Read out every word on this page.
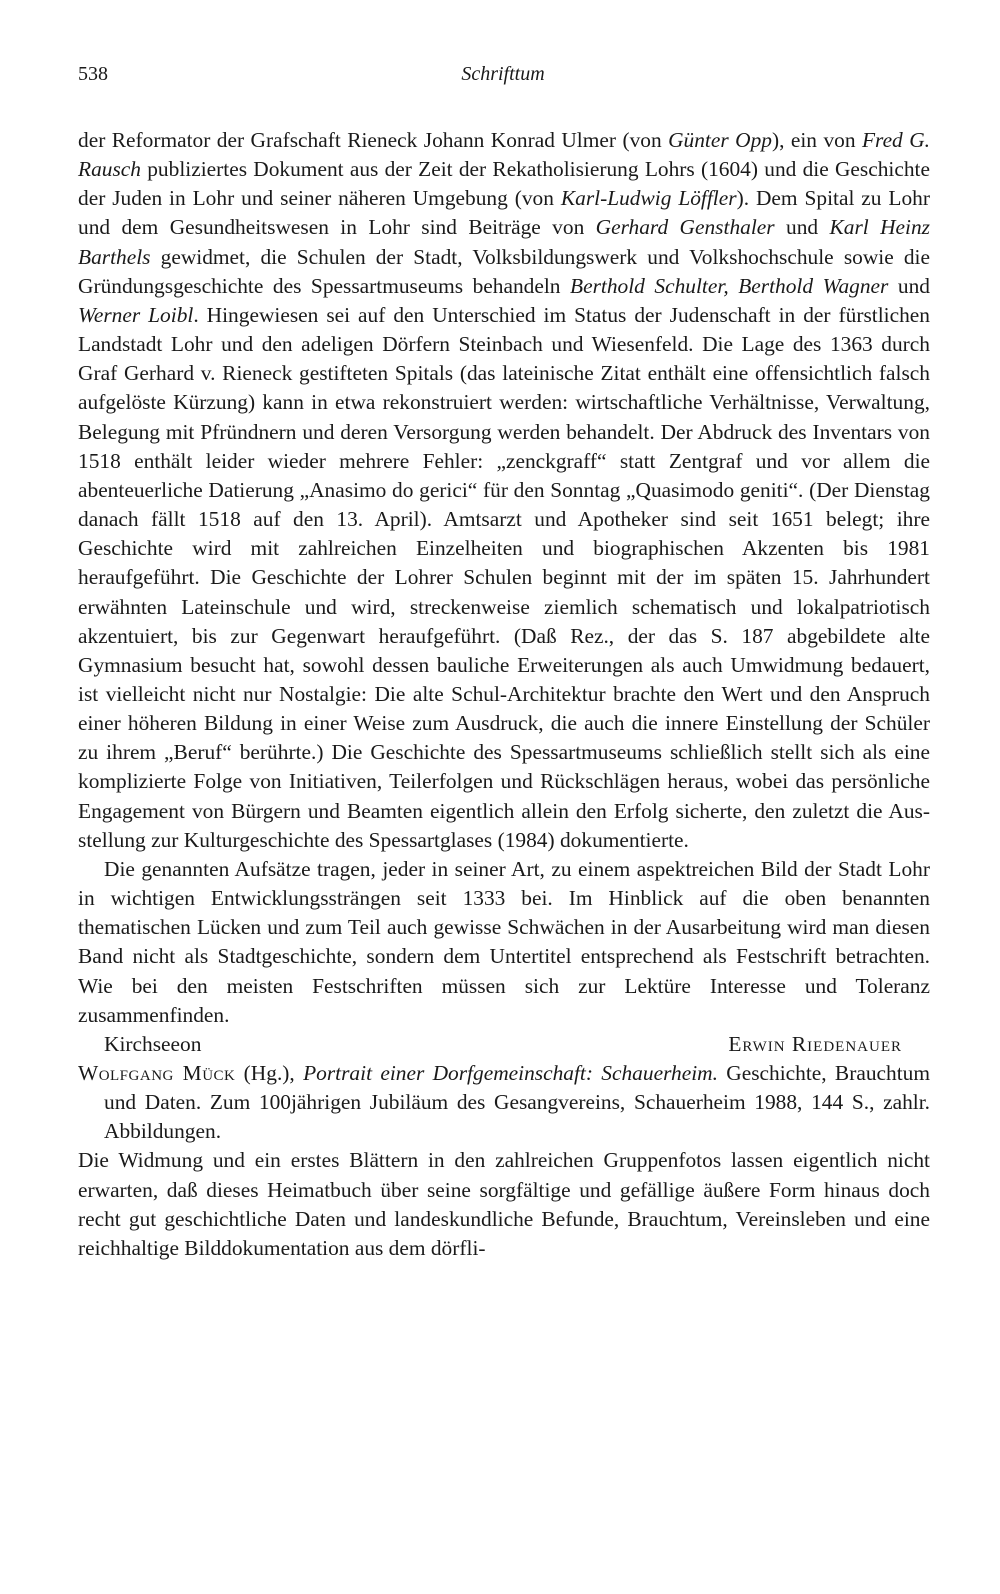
538	Schrifttum

der Reformator der Grafschaft Rieneck Johann Konrad Ulmer (von Günter Opp), ein von Fred G. Rausch publiziertes Dokument aus der Zeit der Rekatholisierung Lohrs (1604) und die Geschichte der Juden in Lohr und seiner näheren Umgebung (von Karl-Ludwig Löffler). Dem Spital zu Lohr und dem Gesundheitswesen in Lohr sind Beiträge von Gerhard Gensthaler und Karl Heinz Barthels gewidmet, die Schulen der Stadt, Volksbildungswerk und Volkshochschule sowie die Gründungsgeschichte des Spessartmuseums behandeln Berthold Schulter, Berthold Wagner und Werner Loibl. Hingewiesen sei auf den Unterschied im Status der Judenschaft in der fürstlichen Landstadt Lohr und den adeligen Dörfern Steinbach und Wiesenfeld. Die Lage des 1363 durch Graf Gerhard v. Rieneck gestifteten Spitals (das lateinische Zitat enthält eine offensichtlich falsch aufgelöste Kürzung) kann in etwa rekonstruiert werden: wirtschaftliche Verhältnisse, Verwaltung, Belegung mit Pfründnern und deren Versorgung werden behandelt. Der Abdruck des Inventars von 1518 enthält leider wieder mehrere Fehler: „zenckgraff“ statt Zentgraf und vor allem die abenteuerliche Datierung „Anasimo do gerici“ für den Sonntag „Quasimodo geniti“. (Der Dienstag danach fällt 1518 auf den 13. April). Amtsarzt und Apotheker sind seit 1651 belegt; ihre Geschichte wird mit zahlreichen Einzelheiten und biographischen Akzenten bis 1981 heraufgeführt. Die Geschichte der Lohrer Schulen beginnt mit der im späten 15. Jahrhundert erwähnten Lateinschule und wird, streckenweise ziemlich schematisch und lokalpatriotisch akzentuiert, bis zur Gegenwart heraufgeführt. (Daß Rez., der das S. 187 abgebildete alte Gymnasium besucht hat, sowohl dessen bauliche Erweiterungen als auch Umwidmung bedauert, ist vielleicht nicht nur Nostalgie: Die alte Schul-Architektur brachte den Wert und den Anspruch einer höheren Bildung in einer Weise zum Ausdruck, die auch die innere Einstellung der Schüler zu ihrem „Beruf“ berührte.) Die Geschichte des Spessartmuseums schließlich stellt sich als eine komplizierte Folge von Initiativen, Teilerfolgen und Rückschlägen heraus, wobei das persönliche Engagement von Bürgern und Beamten eigentlich allein den Erfolg sicherte, den zuletzt die Ausstellung zur Kulturgeschichte des Spessartglases (1984) dokumentierte.

Die genannten Aufsätze tragen, jeder in seiner Art, zu einem aspektreichen Bild der Stadt Lohr in wichtigen Entwicklungssträngen seit 1333 bei. Im Hinblick auf die oben benannten thematischen Lücken und zum Teil auch gewisse Schwächen in der Ausarbeitung wird man diesen Band nicht als Stadtgeschichte, sondern dem Untertitel entsprechend als Festschrift betrachten. Wie bei den meisten Festschriften müssen sich zur Lektüre Interesse und Toleranz zusammenfinden.

Kirchseeon	Erwin Riedenauer

Wolfgang Mück (Hg.), Portrait einer Dorfgemeinschaft: Schauerheim. Geschichte, Brauchtum und Daten. Zum 100jährigen Jubiläum des Gesangvereins, Schauerheim 1988, 144 S., zahlr. Abbildungen.

Die Widmung und ein erstes Blättern in den zahlreichen Gruppenfotos lassen eigentlich nicht erwarten, daß dieses Heimatbuch über seine sorgfältige und gefällige äußere Form hinaus doch recht gut geschichtliche Daten und landeskundliche Befunde, Brauchtum, Vereinsleben und eine reichhaltige Bilddokumentation aus dem dörfli-
